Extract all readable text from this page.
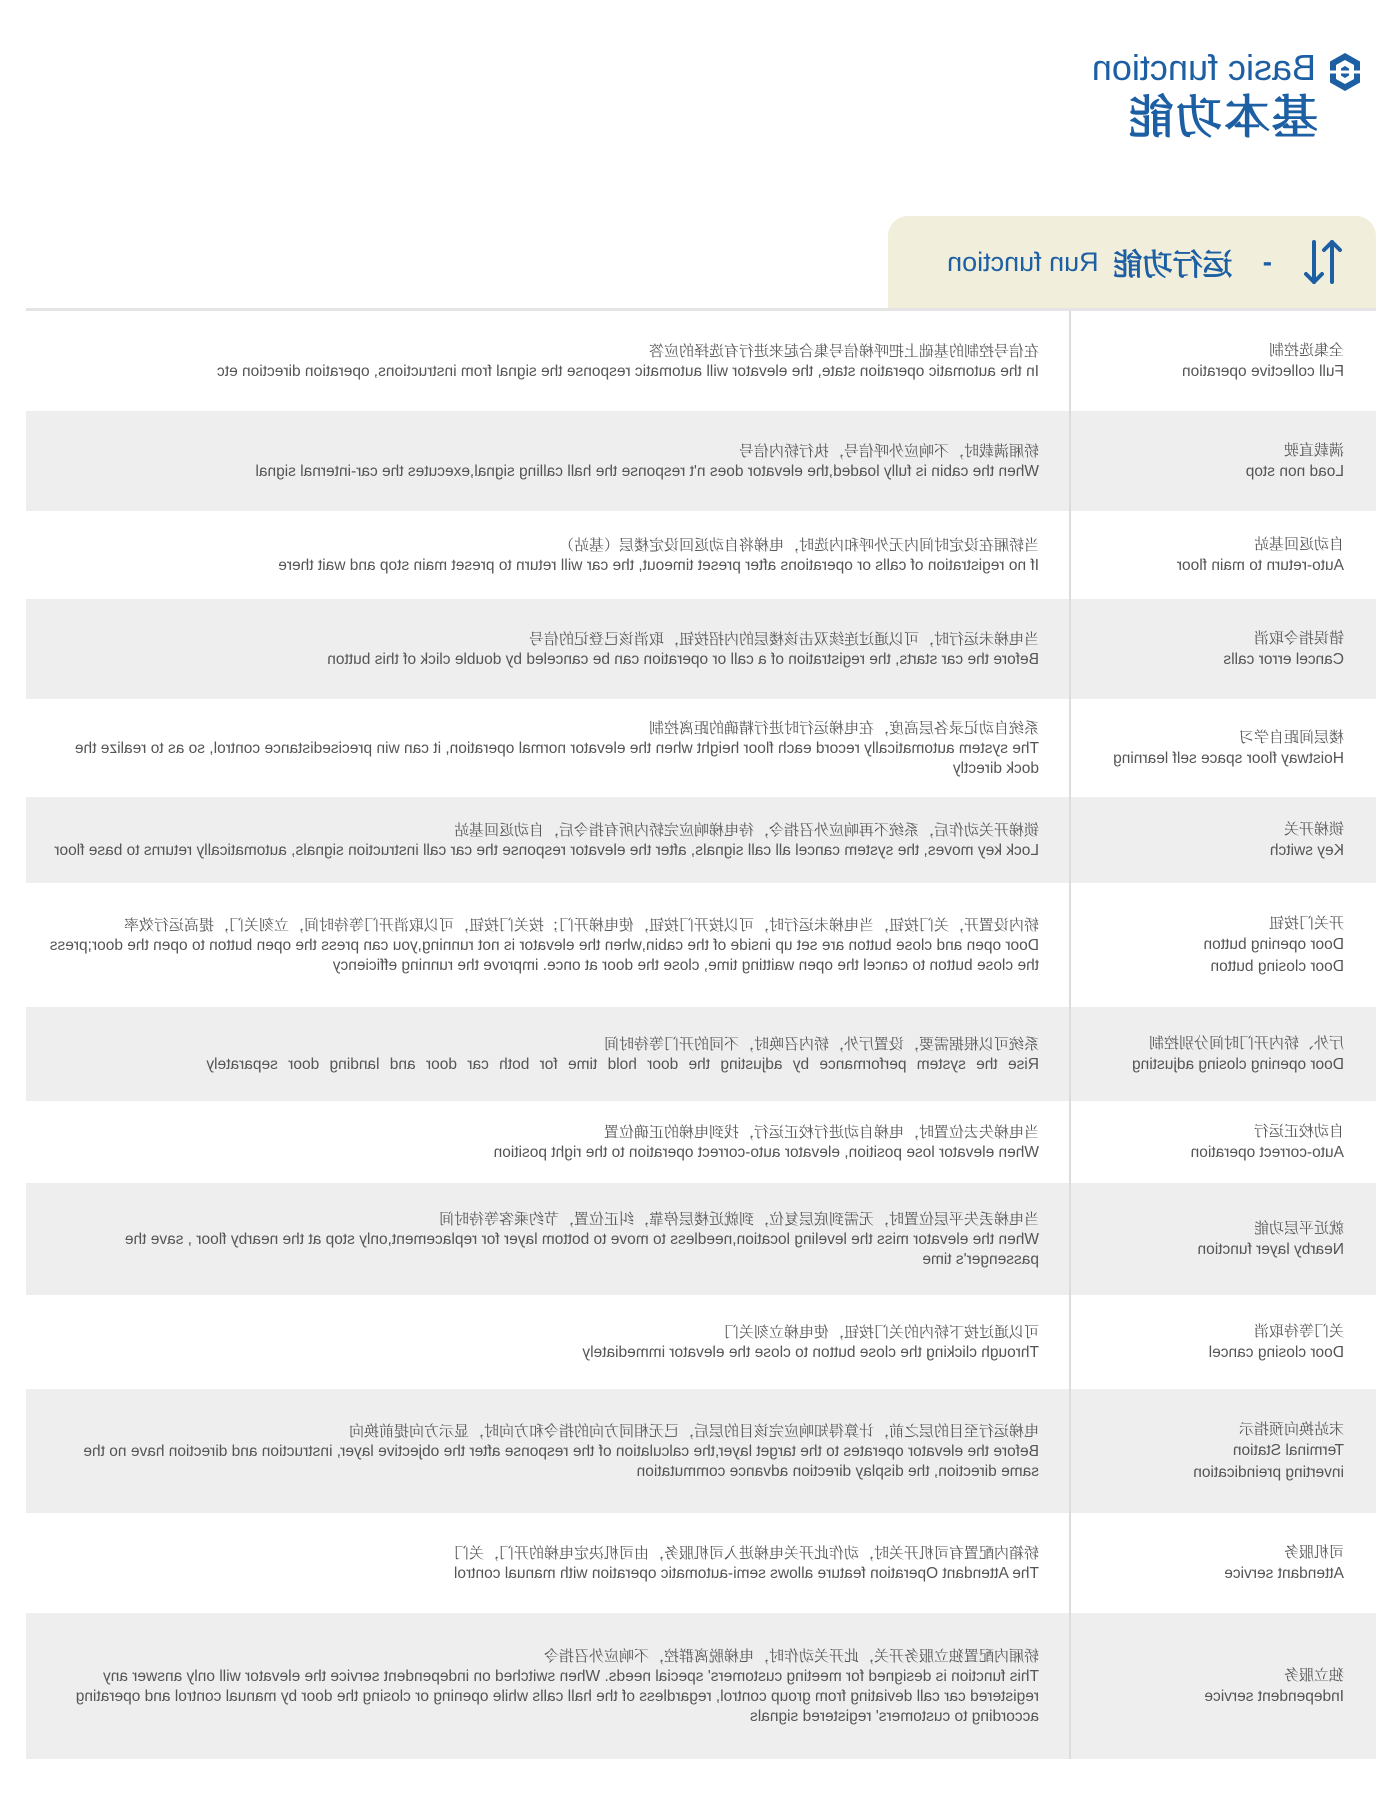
Basic function
基本功能
-
运行功能
Run function
全集选控制
Full collective operation
在信号控制的基础上把呼梯信号集合起来进行有选择的应答
In the automatic operation state, the elevator will automatic response the signal from instructions, operation direction etc
满载直驶
Load non stop
轿厢满载时，不响应外呼信号，执行轿内信号
When the cabin is fully loaded,the elevator does n't response the hall calling signal,executes the car-internal signal
自动返回基站
Auto-return to main floor
当轿厢在设定时间内无外呼和内选时，电梯将自动返回设定楼层（基站）
If no registration of calls or operations after preset timeout, the car will return to preset main stop and wait there
错误指令取消
Cancel error calls
当电梯未运行时，可以通过连续双击该楼层的内招按钮，取消该已登记的信号
Before the car starts, the registration of a call or operation can be canceled by double click of this button
楼层间距自学习
Hoistway floor space self learning
系统自动记录各层高度，在电梯运行时进行精确的距离控制
The system automatically record each floor height when the elevator normal operation, it can win precisedistance control, so as to realize the dock directly
锁梯开关
Key switch
锁梯开关动作后，系统不再响应外召指令，待电梯响应完轿内所有指令后，自动返回基站
Lock key moves, the system cancel all call signals, after the elevator response the car call instruction signals, automatically returns to base floor
开关门按钮
Door opening button
Door closing button
轿内设置开，关门按钮，当电梯未运行时，可以按开门按钮，使电梯开门；按关门按钮，可以取消开门等待时间，立刻关门，提高运行效率
Door open and close button are set up inside of the cabin,when the elevator is not running,you can press the open button to open the door;press the close button to cancel the open waitting time, close the door at once. improve the running efficiency
厅外、轿内开门时间分别控制
Door opening closing adjusting
系统可以根据需要，设置厅外，轿内召唤时，不同的开门等待时间
Rise the system performance by adjusting the door hold time for both car door and landing door separately
自动校正运行
Auto-correct operation
当电梯失去位置时，电梯自动进行校正运行，找到电梯的正确位置
When elevator lose position, elevator auto-correct operation to the right position
就近平层功能
Nearby layer function
当电梯丢失平层位置时，无需到底层复位，到就近楼层停靠，纠正位置，节约乘客等待时间
When the elevator miss the leveling location,needless to move to bottom layer for replacement,only stop at the nearby floor , save the passenger's time
关门等待取消
Door closing cancel
可以通过按下轿内的关门按钮，使电梯立刻关门
Through clicking the close button to close the elevator immediately
末站换向预指示
Terminal Station
inverting preindication
电梯运行至目的层之前，计算得知响应完该目的层后，已无相同方向的指令和方向时，显示方向提前换向
Before the elevator operates to the target layer,the calculation of the response after the objective layer, instruction and direction have no the same direction, the display direction advance commutation
司机服务
Attendant service
轿箱内配置有司机开关时，动作此开关电梯进入司机服务，由司机决定电梯的开门，关门
The Attendant Operation feature allows semi-automatic operation with manual control
独立服务
Independent service
轿厢内配置独立服务开关，此开关动作时，电梯脱离群控，不响应外召指令
This function is designed for meeting customers' special needs. When switched on independent service the elevator will only answer any registered car call deviating from group control, regardless of the hall calls while opening or closing the door by manual control and operating according to customers' registered signals
